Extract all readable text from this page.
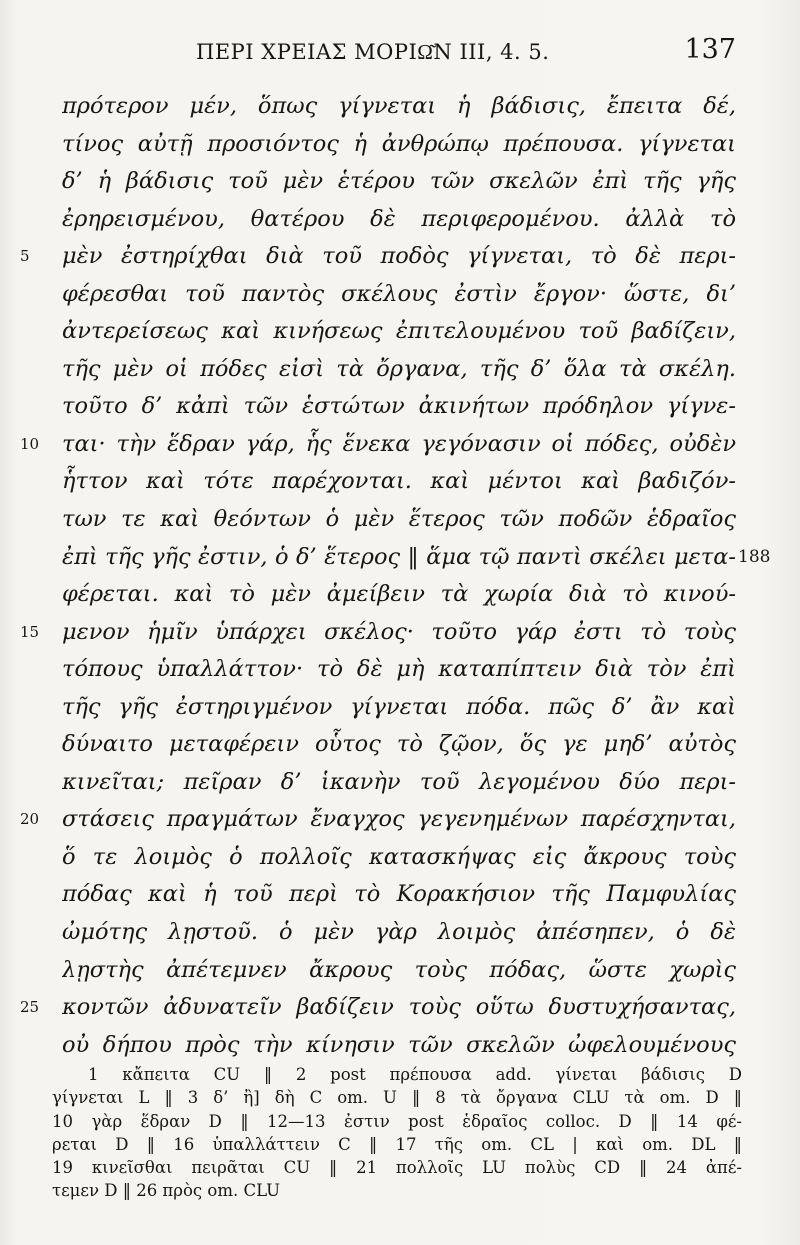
ΠΕΡΙ ΧΡΕΙΑΣ ΜΟΡΙΩ͂Ν III, 4. 5.	137
πρότερον μέν, ὅπως γίγνεται ἡ βάδισις, ἔπειτα δέ,
τίνος αὐτῇ προσιόντος ἡ ἀνθρώπῳ πρέπουσα. γίγνεται
δ’ ἡ βάδισις τοῦ μὲν ἑτέρου τῶν σκελῶν ἐπὶ τῆς γῆς
ἐρηρεισμένου, θατέρου δὲ περιφερομένου. ἀλλὰ τὸ
5 μὲν ἐστηρίχθαι διὰ τοῦ ποδὸς γίγνεται, τὸ δὲ περι-
φέρεσθαι τοῦ παντὸς σκέλους ἐστὶν ἔργον· ὥστε, δι’
ἀντερείσεως καὶ κινήσεως ἐπιτελουμένου τοῦ βαδίζειν,
τῆς μὲν οἱ πόδες εἰσὶ τὰ ὄργανα, τῆς δ’ ὅλα τὰ σκέλη.
τοῦτο δ’ κἀπὶ τῶν ἑστώτων ἀκινήτων πρόδηλον γίγνε-
10 ται· τὴν ἕδραν γάρ, ἧς ἕνεκα γεγόνασιν οἱ πόδες, οὐδὲν
ἧττον καὶ τότε παρέχονται. καὶ μέντοι καὶ βαδιζόν-
των τε καὶ θεόντων ὁ μὲν ἕτερος τῶν ποδῶν ἑδραῖος
ἐπὶ τῆς γῆς ἐστιν, ὁ δ’ ἕτερος ‖ ἅμα τῷ παντὶ σκέλει μετα- 188
φέρεται. καὶ τὸ μὲν ἀμείβειν τὰ χωρία διὰ τὸ κινού-
15 μενον ἡμῖν ὑπάρχει σκέλος· τοῦτο γάρ ἐστι τὸ τοὺς
τόπους ὑπαλλάττον· τὸ δὲ μὴ καταπίπτειν διὰ τὸν ἐπὶ
τῆς γῆς ἐστηριγμένον γίγνεται πόδα. πῶς δ’ ἂν καὶ
δύναιτο μεταφέρειν οὗτος τὸ ζῷον, ὅς γε μηδ’ αὐτὸς
κινεῖται; πεῖραν δ’ ἱκανὴν τοῦ λεγομένου δύο περι-
20 στάσεις πραγμάτων ἔναγχος γεγενημένων παρέσχηνται,
ὅ τε λοιμὸς ὁ πολλοῖς κατασκήψας εἰς ἄκρους τοὺς
πόδας καὶ ἡ τοῦ περὶ τὸ Κορακήσιον τῆς Παμφυλίας
ὠμότης λῃστοῦ. ὁ μὲν γὰρ λοιμὸς ἀπέσηπεν, ὁ δὲ
λῃστὴς ἀπέτεμνεν ἄκρους τοὺς πόδας, ὥστε χωρὶς
25 κοντῶν ἀδυνατεῖν βαδίζειν τοὺς οὕτω δυστυχήσαντας,
οὐ δήπου πρὸς τὴν κίνησιν τῶν σκελῶν ὠφελουμένους
1 κἄπειτα CU ‖ 2 post πρέπουσα add. γίνεται βάδισις D
γίγνεται L ‖ 3 δ’ ἢ] δὴ C om. U ‖ 8 τὰ ὄργανα CLU τὰ om. D ‖
10 γὰρ ἕδραν D ‖ 12—13 ἐστιν post ἑδραῖος colloc. D ‖ 14 φέ-
ρεται D ‖ 16 ὑπαλλάττειν C ‖ 17 τῆς om. CL | καὶ om. DL ‖
19 κινεῖσθαι πειρᾶται CU ‖ 21 πολλοῖς LU πολὺς CD ‖ 24 ἀπέ-
τεμεν D ‖ 26 πρὸς om. CLU
